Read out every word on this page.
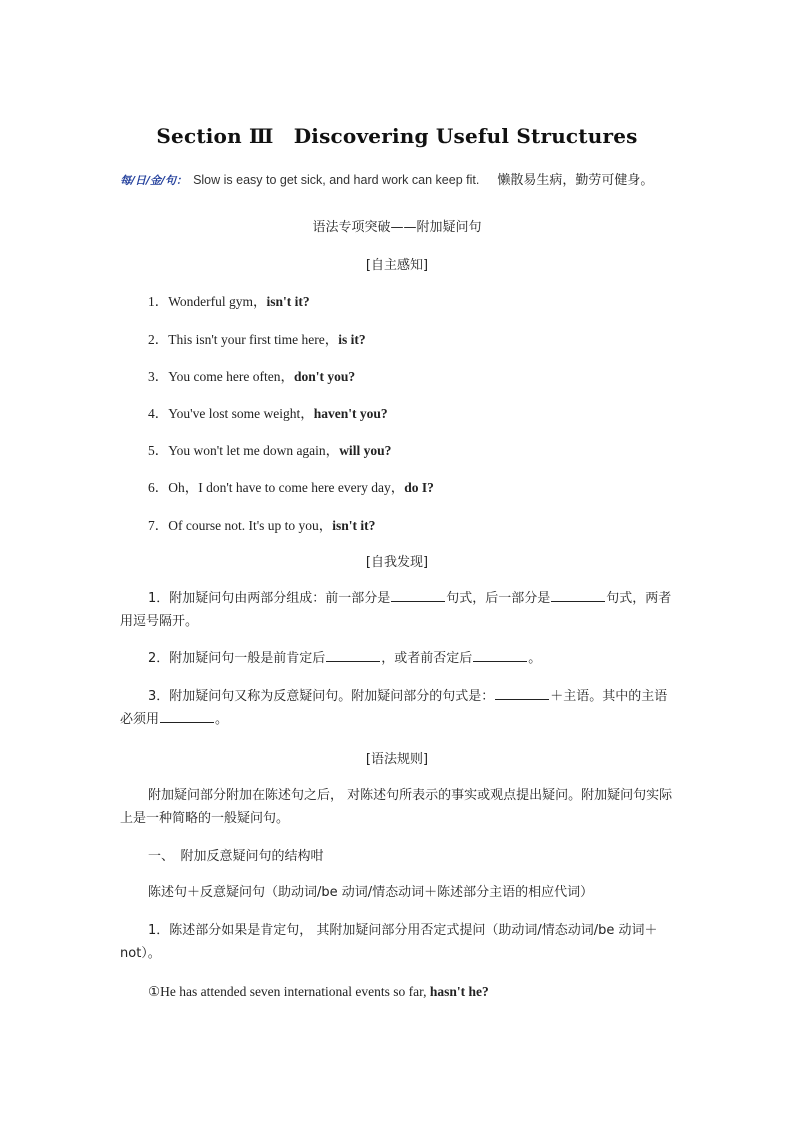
Section Ⅲ　Discovering Useful Structures
每/日/金/句： Slow is easy to get sick, and hard work can keep fit. 懒散易生病，勤劳可健身。
语法专项突破——附加疑问句
[自主感知]
1．Wonderful gym，isn't it?
2．This isn't your first time here，is it?
3．You come here often，don't you?
4．You've lost some weight，haven't you?
5．You won't let me down again，will you?
6．Oh，I don't have to come here every day，do I?
7．Of course not. It's up to you，isn't it?
[自我发现]
1．附加疑问句由两部分组成：前一部分是	句式，后一部分是	句式，两者用逗号隔开。
2．附加疑问句一般是前肯定后	，或者前否定后	。
3．附加疑问句又称为反意疑问句。附加疑问部分的句式是：	＋主语。其中的主语必须用	。
[语法规则]
附加疑问部分附加在陈述句之后， 对陈述句所表示的事实或观点提出疑问。附加疑问句实际上是一种简略的一般疑问句。
一、　附加反意疑问句的结构咁
陈述句＋反意疑问句（助动词/be 动词/情态动词＋陈述部分主语的相应代词）
1．陈述部分如果是肯定句， 其附加疑问部分用否定式提问（助动词/情态动词/be 动词＋not）。
①He has attended seven international events so far, hasn't he?
